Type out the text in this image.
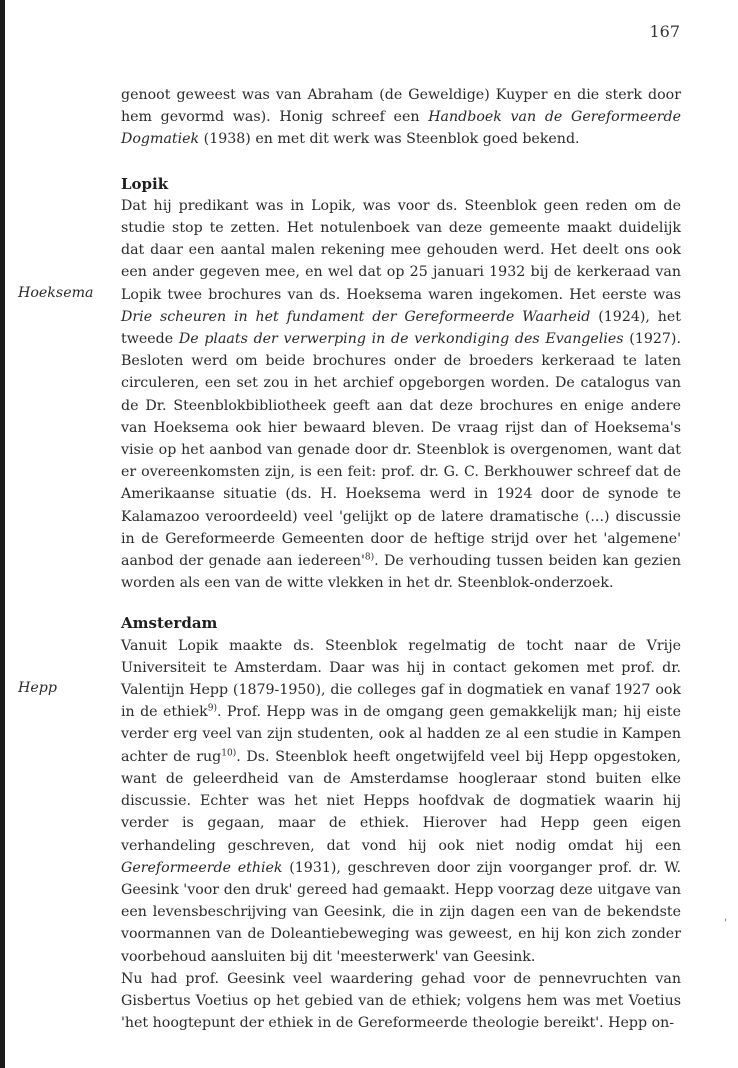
167
Hoeksema
Hepp
'

genoot geweest was van Abraham (de Geweldige) Kuyper en die sterk door hem gevormd was). Honig schreef een Handboek van de Gereformeerde Dogmatiek (1938) en met dit werk was Steenblok goed bekend.

Lopik

Dat hij predikant was in Lopik, was voor ds. Steenblok geen reden om de studie stop te zetten. Het notulenboek van deze gemeente maakt duidelijk dat daar een aantal malen rekening mee gehouden werd. Het deelt ons ook een ander gegeven mee, en wel dat op 25 januari 1932 bij de kerkeraad van Lopik twee brochures van ds. Hoeksema waren ingekomen. Het eerste was Drie scheuren in het fundament der Gereformeerde Waarheid (1924), het tweede De plaats der verwerping in de verkondiging des Evangelies (1927). Besloten werd om beide brochures onder de broeders kerkeraad te laten circuleren, een set zou in het archief opgeborgen worden. De catalogus van de Dr. Steenblokbibliotheek geeft aan dat deze brochures en enige andere van Hoeksema ook hier bewaard bleven. De vraag rijst dan of Hoeksema's visie op het aanbod van genade door dr. Steenblok is overgenomen, want dat er overeenkomsten zijn, is een feit: prof. dr. G. C. Berkhouwer schreef dat de Amerikaanse situatie (ds. H. Hoeksema werd in 1924 door de synode te Kalamazoo veroordeeld) veel 'gelijkt op de latere dramatische (...) discussie in de Gereformeerde Gemeenten door de heftige strijd over het 'algemene' aanbod der genade aan $iedereen'^{8)}$. De verhouding tussen beiden kan gezien worden als een van de witte vlekken in het dr. Steenblok-onderzoek.

Amsterdam

Vanuit Lopik maakte ds. Steenblok regelmatig de tocht naar de Vrije Universiteit te Amsterdam. Daar was hij in contact gekomen met prof. dr. Valentijn Hepp (1879-1950), die colleges gaf in dogmatiek en vanaf 1927 ook in de ethiek$^{9)}$. Prof. Hepp was in de omgang geen gemakkelijk man; hij eiste verder erg veel van zijn studenten, ook al hadden ze al een studie in Kampen achter de rug$^{10)}$. Ds. Steenblok heeft ongetwijfeld veel bij Hepp opgestoken, want de geleerdheid van de Amsterdamse hoogleraar stond buiten elke discussie. Echter was het niet Hepps hoofdvak de dogmatiek waarin hij verder is gegaan, maar de ethiek. Hierover had Hepp geen eigen verhandeling geschreven, dat vond hij ook niet nodig omdat hij een Gereformeerde ethiek (1931), geschreven door zijn voorganger prof. dr. W. Geesink 'voor den druk' gereed had gemaakt. Hepp voorzag deze uitgave van een levensbeschrijving van Geesink, die in zijn dagen een van de bekendste voormannen van de Doleantiebeweging was geweest, en hij kon zich zonder voorbehoud aansluiten bij dit 'meesterwerk' van Geesink.

Nu had prof. Geesink veel waardering gehad voor de pennevruchten van Gisbertus Voetius op het gebied van de ethiek; volgens hem was met Voetius 'het hoogtepunt der ethiek in de Gereformeerde theologie bereikt'. Hepp on-
